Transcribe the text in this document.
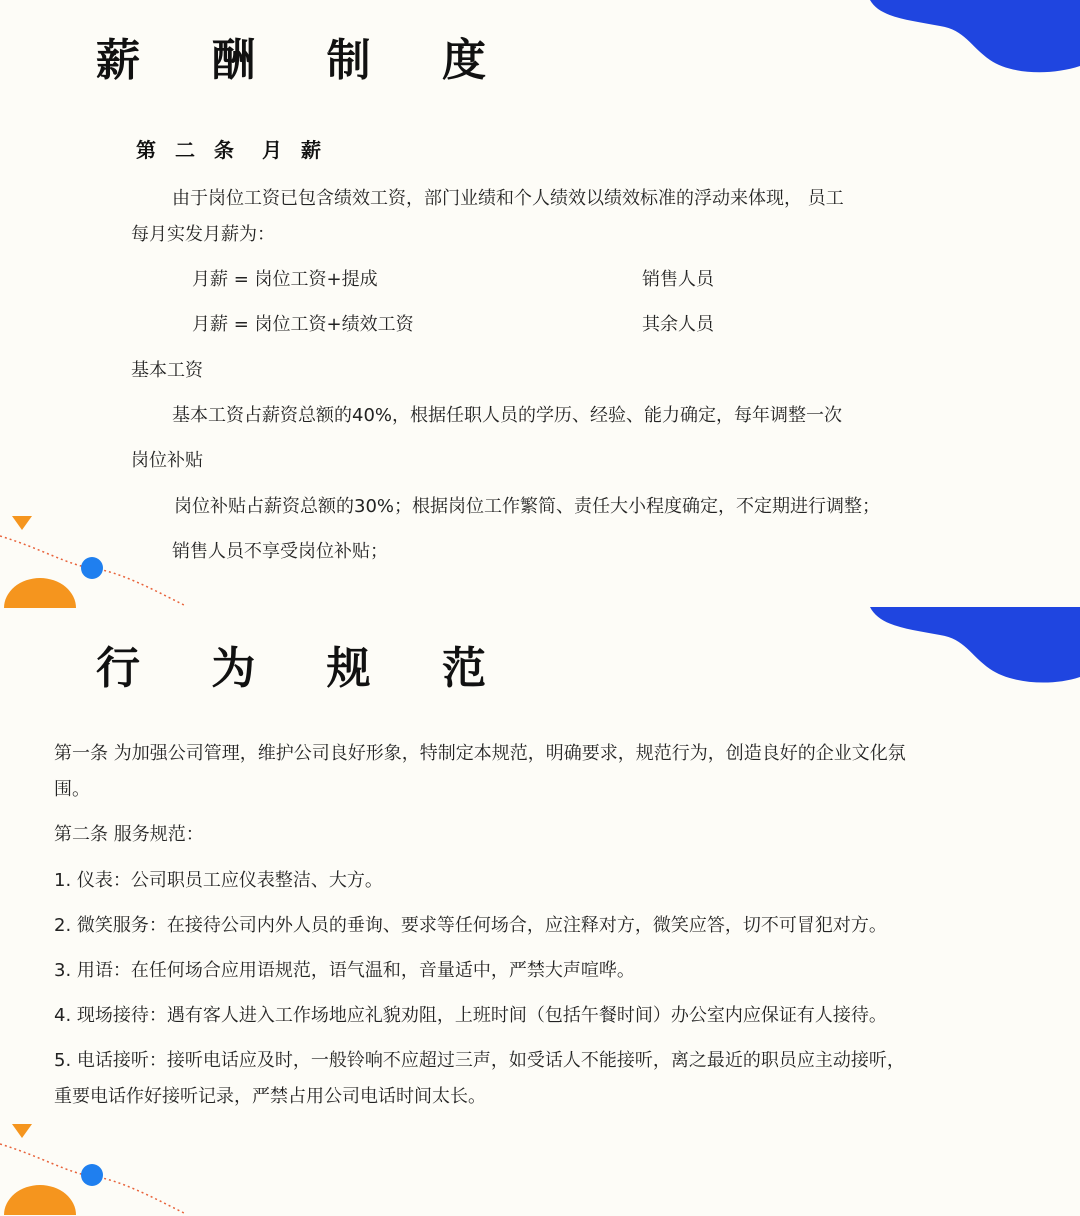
薪 酬 制 度

第 二 条 月 薪

由于岗位工资已包含绩效工资，部门业绩和个人绩效以绩效标准的浮动来体现， 员工

每月实发月薪为：

月薪 = 岗位工资+提成	销售人员

月薪 = 岗位工资+绩效工资	其余人员

基本工资

基本工资占薪资总额的40%，根据任职人员的学历、经验、能力确定，每年调整一次

岗位补贴

岗位补贴占薪资总额的30%；根据岗位工作繁简、责任大小程度确定，不定期进行调整；

销售人员不享受岗位补贴；

行 为 规 范

第一条 为加强公司管理，维护公司良好形象，特制定本规范，明确要求，规范行为，创造良好的企业文化氛

围。

第二条 服务规范：

1. 仪表：公司职员工应仪表整洁、大方。

2. 微笑服务：在接待公司内外人员的垂询、要求等任何场合，应注释对方，微笑应答，切不可冒犯对方。

3. 用语：在任何场合应用语规范，语气温和，音量适中，严禁大声喧哗。

4. 现场接待：遇有客人进入工作场地应礼貌劝阻，上班时间（包括午餐时间）办公室内应保证有人接待。

5. 电话接听：接听电话应及时，一般铃响不应超过三声，如受话人不能接听，离之最近的职员应主动接听，

重要电话作好接听记录，严禁占用公司电话时间太长。
